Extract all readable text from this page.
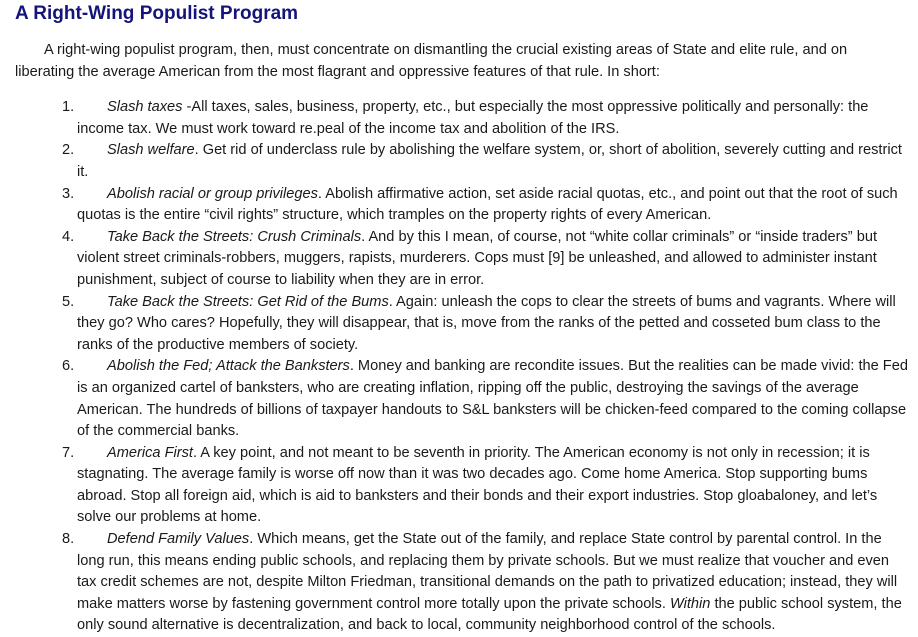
A Right-Wing Populist Program

A right-wing populist program, then, must concentrate on dismantling the crucial existing areas of State and elite rule, and on liberating the average American from the most flagrant and oppressive features of that rule. In short:

1.	Slash taxes -All taxes, sales, business, property, etc., but especially the most oppressive politically and personally: the income tax. We must work toward re.peal of the income tax and abolition of the IRS.
2.	Slash welfare. Get rid of underclass rule by abolishing the welfare system, or, short of abolition, severely cutting and restrict it.
3.	Abolish racial or group privileges. Abolish affirmative action, set aside racial quotas, etc., and point out that the root of such quotas is the entire “civil rights” structure, which tramples on the property rights of every American.
4.	Take Back the Streets: Crush Criminals. And by this I mean, of course, not “white collar criminals” or “inside traders” but violent street criminals-robbers, muggers, rapists, murderers. Cops must [9] be unleashed, and allowed to administer instant punishment, subject of course to liability when they are in error.
5.	Take Back the Streets: Get Rid of the Bums. Again: unleash the cops to clear the streets of bums and vagrants. Where will they go? Who cares? Hopefully, they will disappear, that is, move from the ranks of the petted and cosseted bum class to the ranks of the productive members of society.
6.	Abolish the Fed; Attack the Banksters. Money and banking are recondite issues. But the realities can be made vivid: the Fed is an organized cartel of banksters, who are creating inflation, ripping off the public, destroying the savings of the average American. The hundreds of billions of taxpayer handouts to S&L banksters will be chicken-feed compared to the coming collapse of the commercial banks.
7.	America First. A key point, and not meant to be seventh in priority. The American economy is not only in recession; it is stagnating. The average family is worse off now than it was two decades ago. Come home America. Stop supporting bums abroad. Stop all foreign aid, which is aid to banksters and their bonds and their export industries. Stop gloabaloney, and let’s solve our problems at home.
8.	Defend Family Values. Which means, get the State out of the family, and replace State control by parental control. In the long run, this means ending public schools, and replacing them by private schools. But we must realize that voucher and even tax credit schemes are not, despite Milton Friedman, transitional demands on the path to privatized education; instead, they will make matters worse by fastening government control more totally upon the private schools. Within the public school system, the only sound alternative is decentralization, and back to local, community neighborhood control of the schools.
